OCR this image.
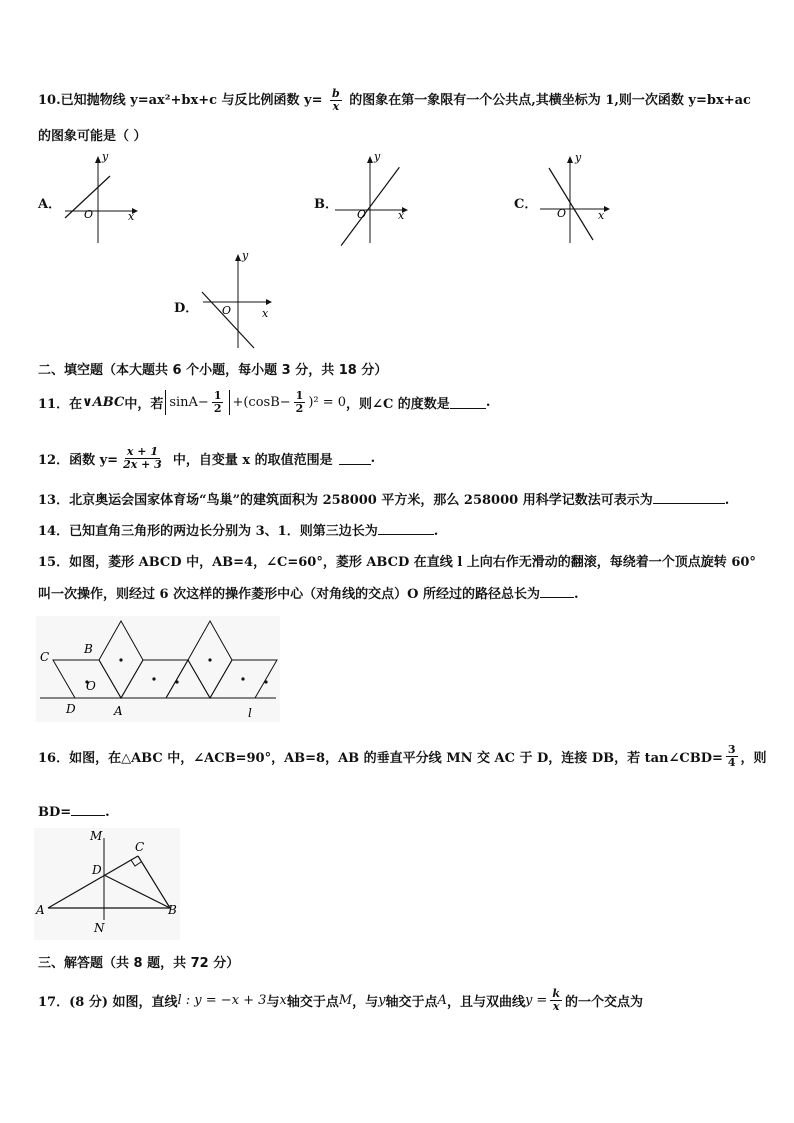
10.已知抛物线 y=ax²+bx+c 与反比例函数 $y= \frac{b}{x}$ 的图象在第一象限有一个公共点,其横坐标为 1,则一次函数 y=bx+ac
的图象可能是（ ）
A．
y
O	x
B．
y
O	x
C．
y
O	x
D．
y
O	x
二、填空题（本大题共 6 个小题，每小题 3 分，共 18 分）
11．在 ∨ABC 中，若 $\sin A- \frac{1}{2} +(\cos B- \frac{1}{2} )^2 = 0$ ，则∠C 的度数是	.
12．函数 $y= \frac{x + 1}{2x + 3}$ 中，自变量 x 的取值范围是	.
13．北京奥运会国家体育场“鸟巢”的建筑面积为 258000 平方米，那么 258000 用科学记数法可表示为	.
14．已知直角三角形的两边长分别为 3、1．则第三边长为	.
15．如图，菱形 ABCD 中，AB=4，∠C=60°，菱形 ABCD 在直线 l 上向右作无滑动的翻滚，每绕着一个顶点旋转 60°
叫一次操作，则经过 6 次这样的操作菱形中心（对角线的交点）O 所经过的路径总长为	.
C
B
O
D	A	l
16．如图，在△ABC 中，∠ACB=90°，AB=8，AB 的垂直平分线 MN 交 AC 于 D，连接 DB，若 tan∠CBD= $\frac{3}{4}$ ，则
BD=	.
M
C
D
A
N
B
三、解答题（共 8 题，共 72 分）
17．(8 分) 如图，直线 l : y = −x + 3 与 x 轴交于点 M ，与 y 轴交于点 A ，且与双曲线 $y = \frac{k}{x}$ 的一个交点为
